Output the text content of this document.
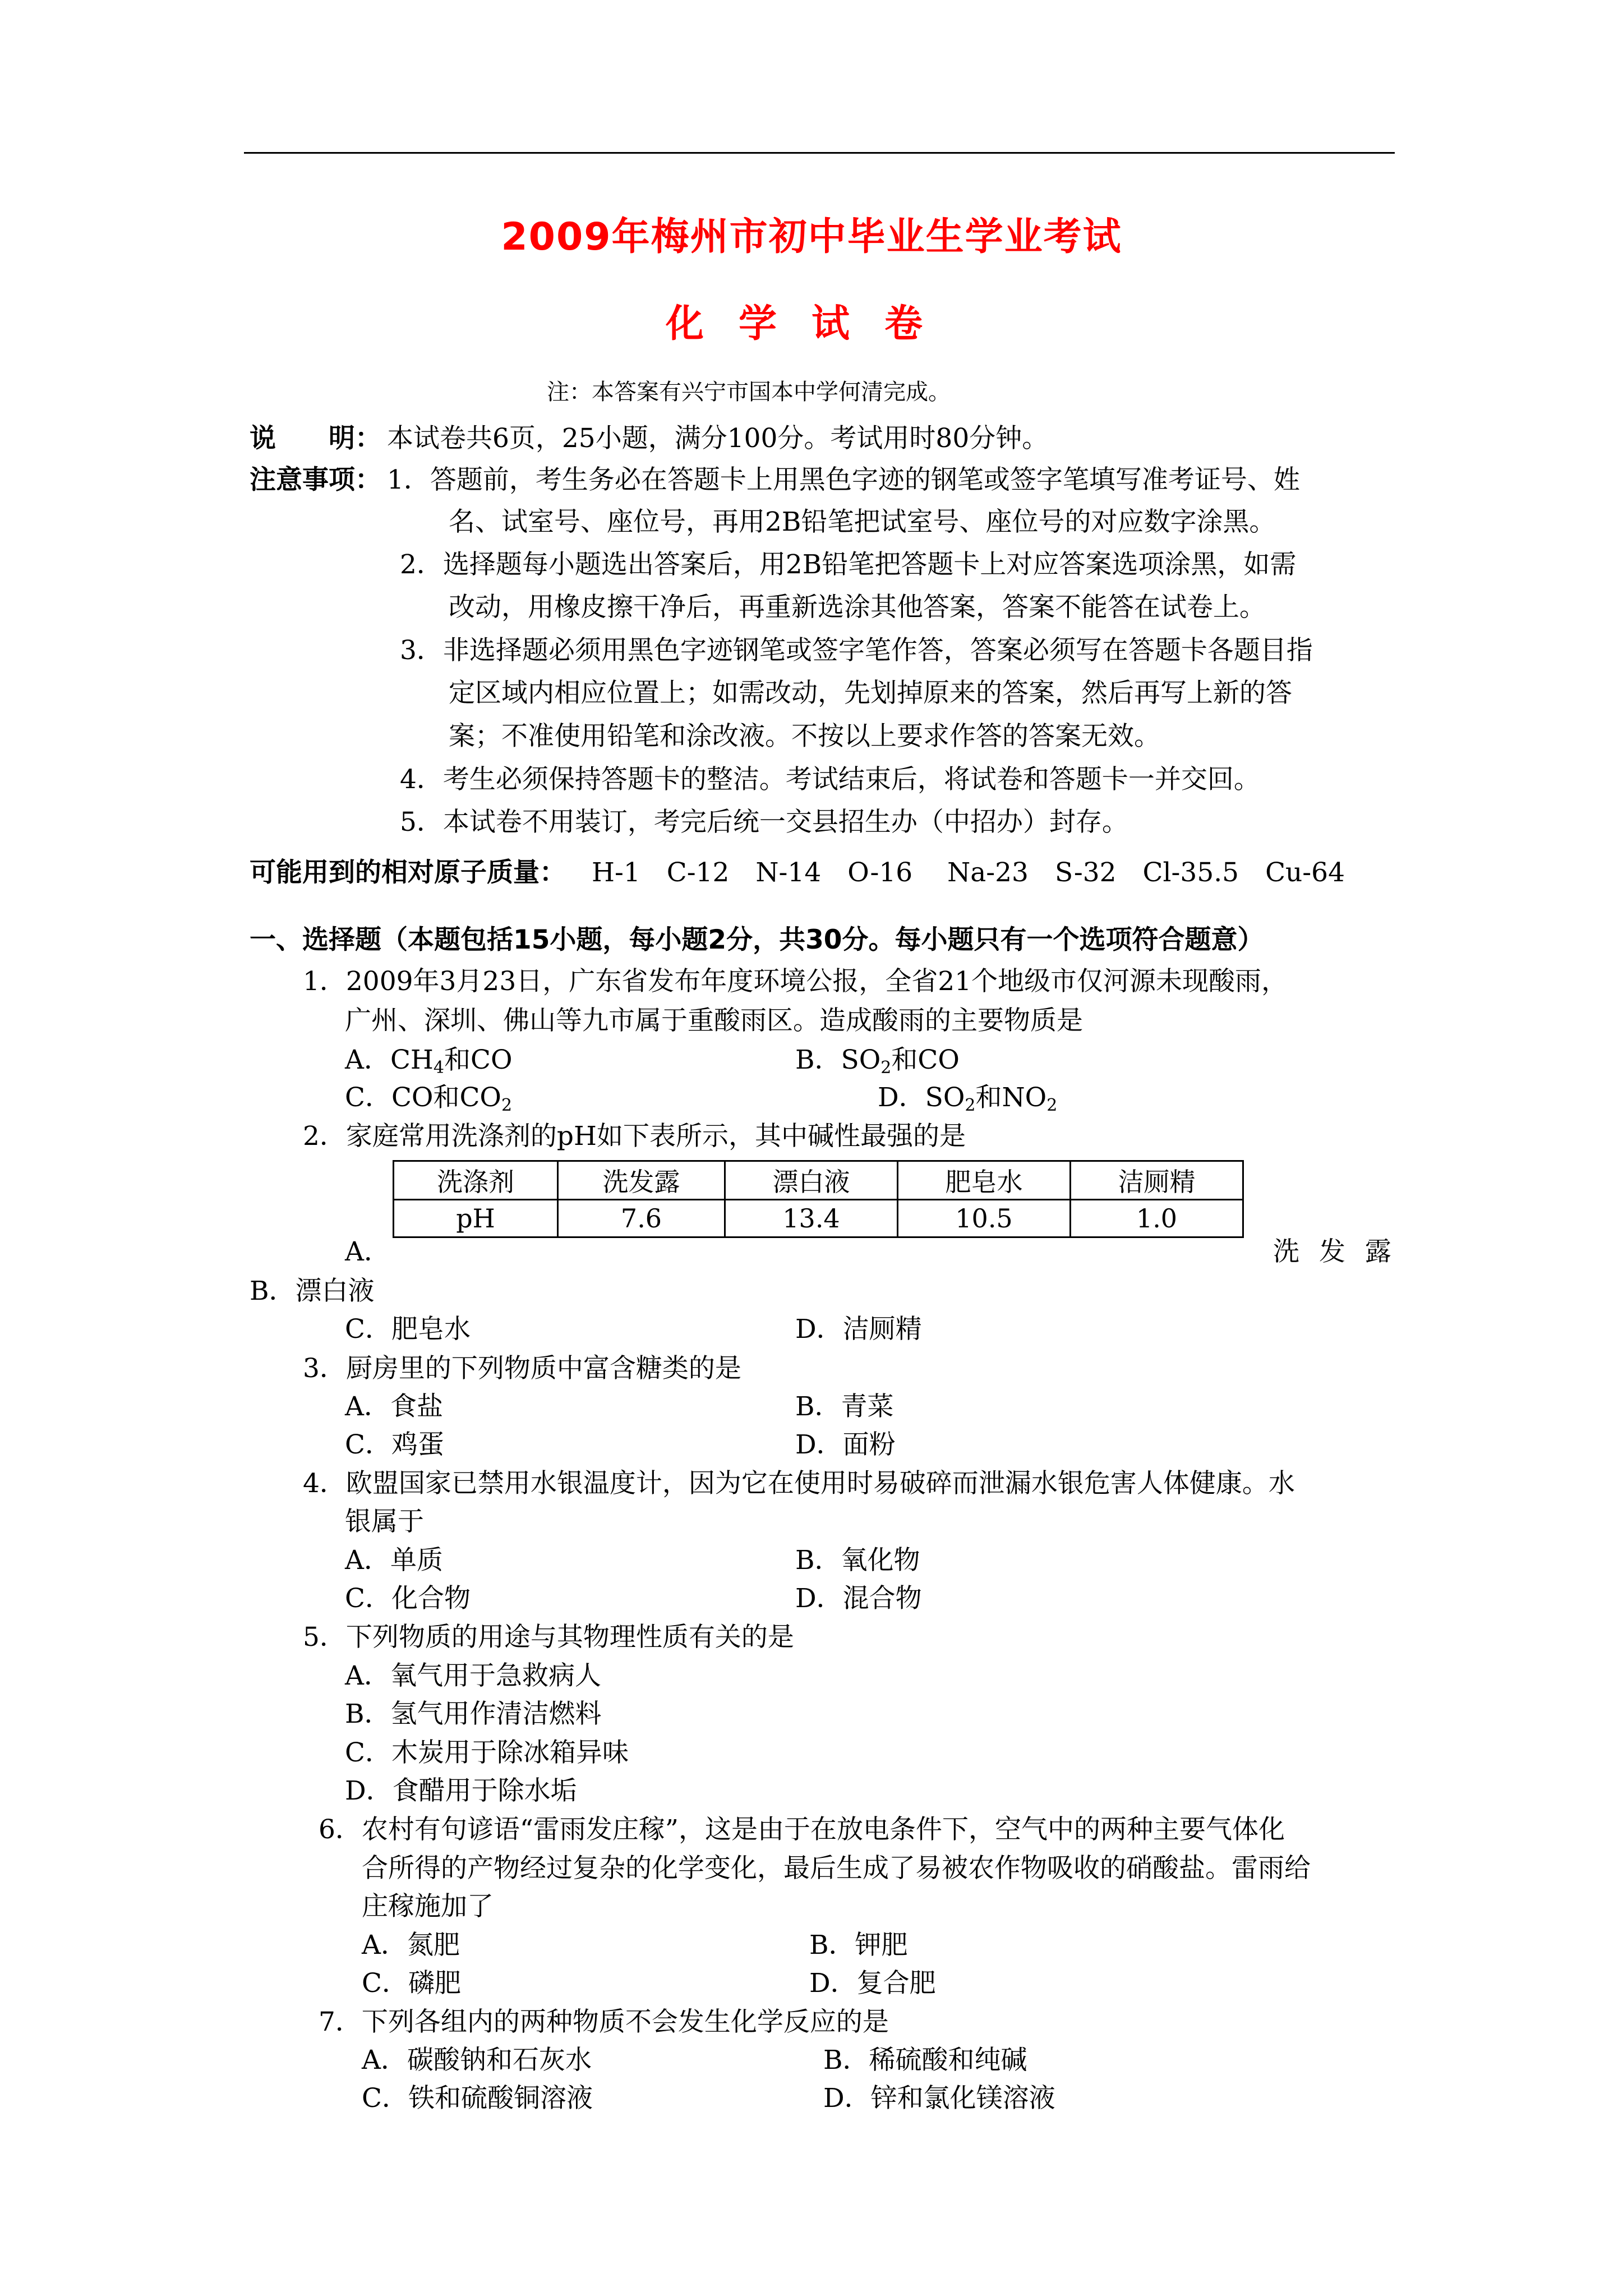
2009年梅州市初中毕业生学业考试
化学试卷
注：本答案有兴宁市国本中学何清完成。
说　　明： 本试卷共6页，25小题，满分100分。考试用时80分钟。
注意事项： 1．答题前，考生务必在答题卡上用黑色字迹的钢笔或签字笔填写准考证号、姓
名、试室号、座位号，再用2B铅笔把试室号、座位号的对应数字涂黑。
2．选择题每小题选出答案后，用2B铅笔把答题卡上对应答案选项涂黑，如需
改动，用橡皮擦干净后，再重新选涂其他答案，答案不能答在试卷上。
3．非选择题必须用黑色字迹钢笔或签字笔作答，答案必须写在答题卡各题目指
定区域内相应位置上；如需改动，先划掉原来的答案，然后再写上新的答
案；不准使用铅笔和涂改液。不按以上要求作答的答案无效。
4．考生必须保持答题卡的整洁。考试结束后，将试卷和答题卡一并交回。
5．本试卷不用装订，考完后统一交县招生办（中招办）封存。
可能用到的相对原子质量： H-1　C-12　N-14　O-16　 Na-23　S-32　Cl-35.5　Cu-64
一、选择题（本题包括15小题，每小题2分，共30分。每小题只有一个选项符合题意）
1．2009年3月23日，广东省发布年度环境公报，全省21个地级市仅河源未现酸雨，
广州、深圳、佛山等九市属于重酸雨区。造成酸雨的主要物质是
A．$CH_4$和CO	B．$SO_2$和CO
C．CO和$CO_2$	D．$SO_2$和$NO_2$
2．家庭常用洗涤剂的pH如下表所示，其中碱性最强的是
洗涤剂	洗发露	漂白液	肥皂水	洁厕精
pH	7.6	13.4	10.5	1.0
A．	洗 发 露
B．漂白液
C．肥皂水	D．洁厕精
3．厨房里的下列物质中富含糖类的是
A．食盐	B．青菜
C．鸡蛋	D．面粉
4．欧盟国家已禁用水银温度计，因为它在使用时易破碎而泄漏水银危害人体健康。水
银属于
A．单质	B．氧化物
C．化合物	D．混合物
5．下列物质的用途与其物理性质有关的是
A．氧气用于急救病人
B．氢气用作清洁燃料
C．木炭用于除冰箱异味
D．食醋用于除水垢
6．农村有句谚语“雷雨发庄稼”，这是由于在放电条件下，空气中的两种主要气体化
合所得的产物经过复杂的化学变化，最后生成了易被农作物吸收的硝酸盐。雷雨给
庄稼施加了
A．氮肥	B．钾肥
C．磷肥	D．复合肥
7．下列各组内的两种物质不会发生化学反应的是
A．碳酸钠和石灰水	B．稀硫酸和纯碱
C．铁和硫酸铜溶液	D．锌和氯化镁溶液
